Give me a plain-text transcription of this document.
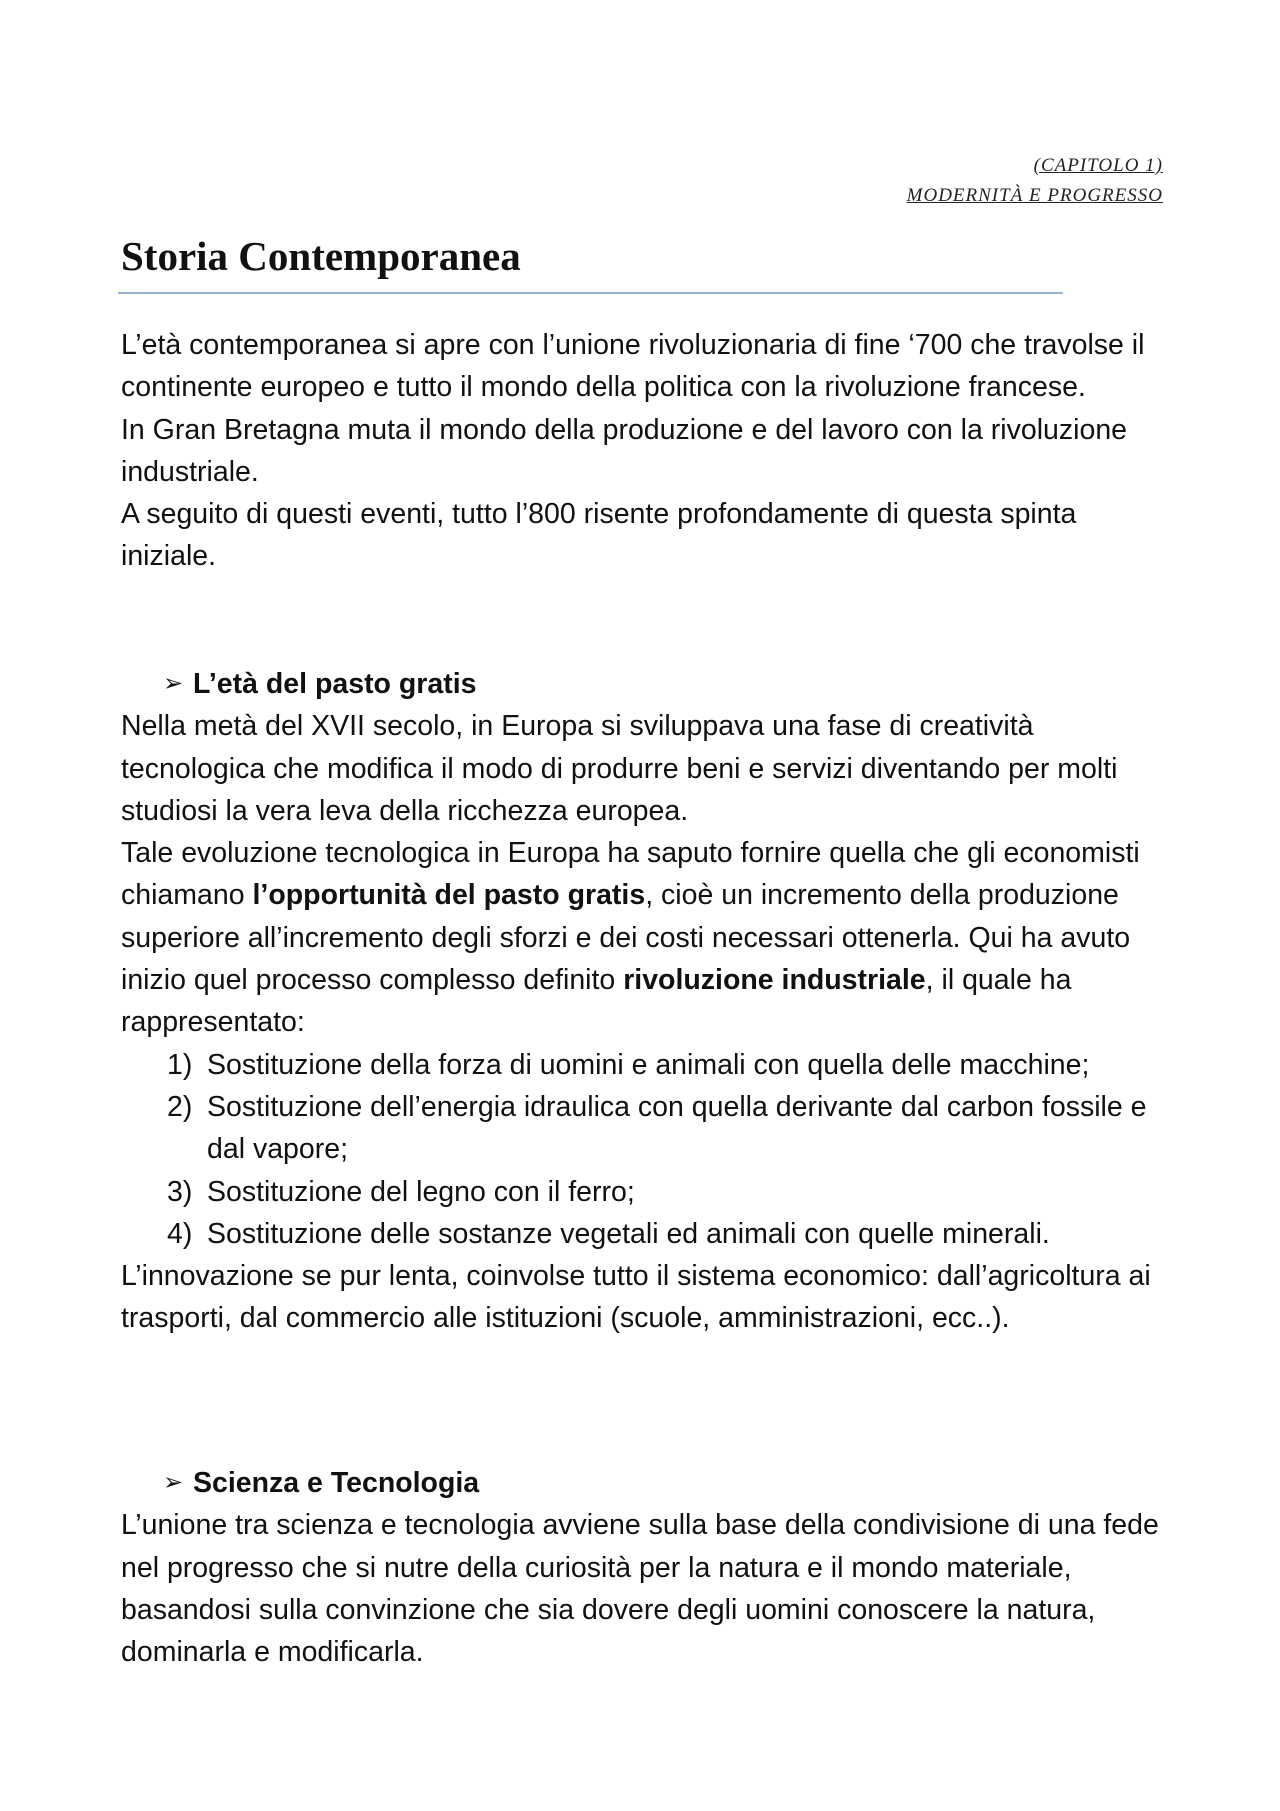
(CAPITOLO 1)
MODERNITÀ E PROGRESSO
Storia Contemporanea

L’età contemporanea si apre con l’unione rivoluzionaria di fine ‘700 che travolse il continente europeo e tutto il mondo della politica con la rivoluzione francese.

In Gran Bretagna muta il mondo della produzione e del lavoro con la rivoluzione industriale.

A seguito di questi eventi, tutto l’800 risente profondamente di questa spinta iniziale.

➢ L’età del pasto gratis

Nella metà del XVII secolo, in Europa si sviluppava una fase di creatività tecnologica che modifica il modo di produrre beni e servizi diventando per molti studiosi la vera leva della ricchezza europea.

Tale evoluzione tecnologica in Europa ha saputo fornire quella che gli economisti chiamano l’opportunità del pasto gratis, cioè un incremento della produzione superiore all’incremento degli sforzi e dei costi necessari ottenerla. Qui ha avuto inizio quel processo complesso definito rivoluzione industriale, il quale ha rappresentato:

1) Sostituzione della forza di uomini e animali con quella delle macchine;
2) Sostituzione dell’energia idraulica con quella derivante dal carbon fossile e dal vapore;
3) Sostituzione del legno con il ferro;
4) Sostituzione delle sostanze vegetali ed animali con quelle minerali.

L’innovazione se pur lenta, coinvolse tutto il sistema economico: dall’agricoltura ai trasporti, dal commercio alle istituzioni (scuole, amministrazioni, ecc..).

➢ Scienza e Tecnologia

L’unione tra scienza e tecnologia avviene sulla base della condivisione di una fede nel progresso che si nutre della curiosità per la natura e il mondo materiale, basandosi sulla convinzione che sia dovere degli uomini conoscere la natura, dominarla e modificarla.
